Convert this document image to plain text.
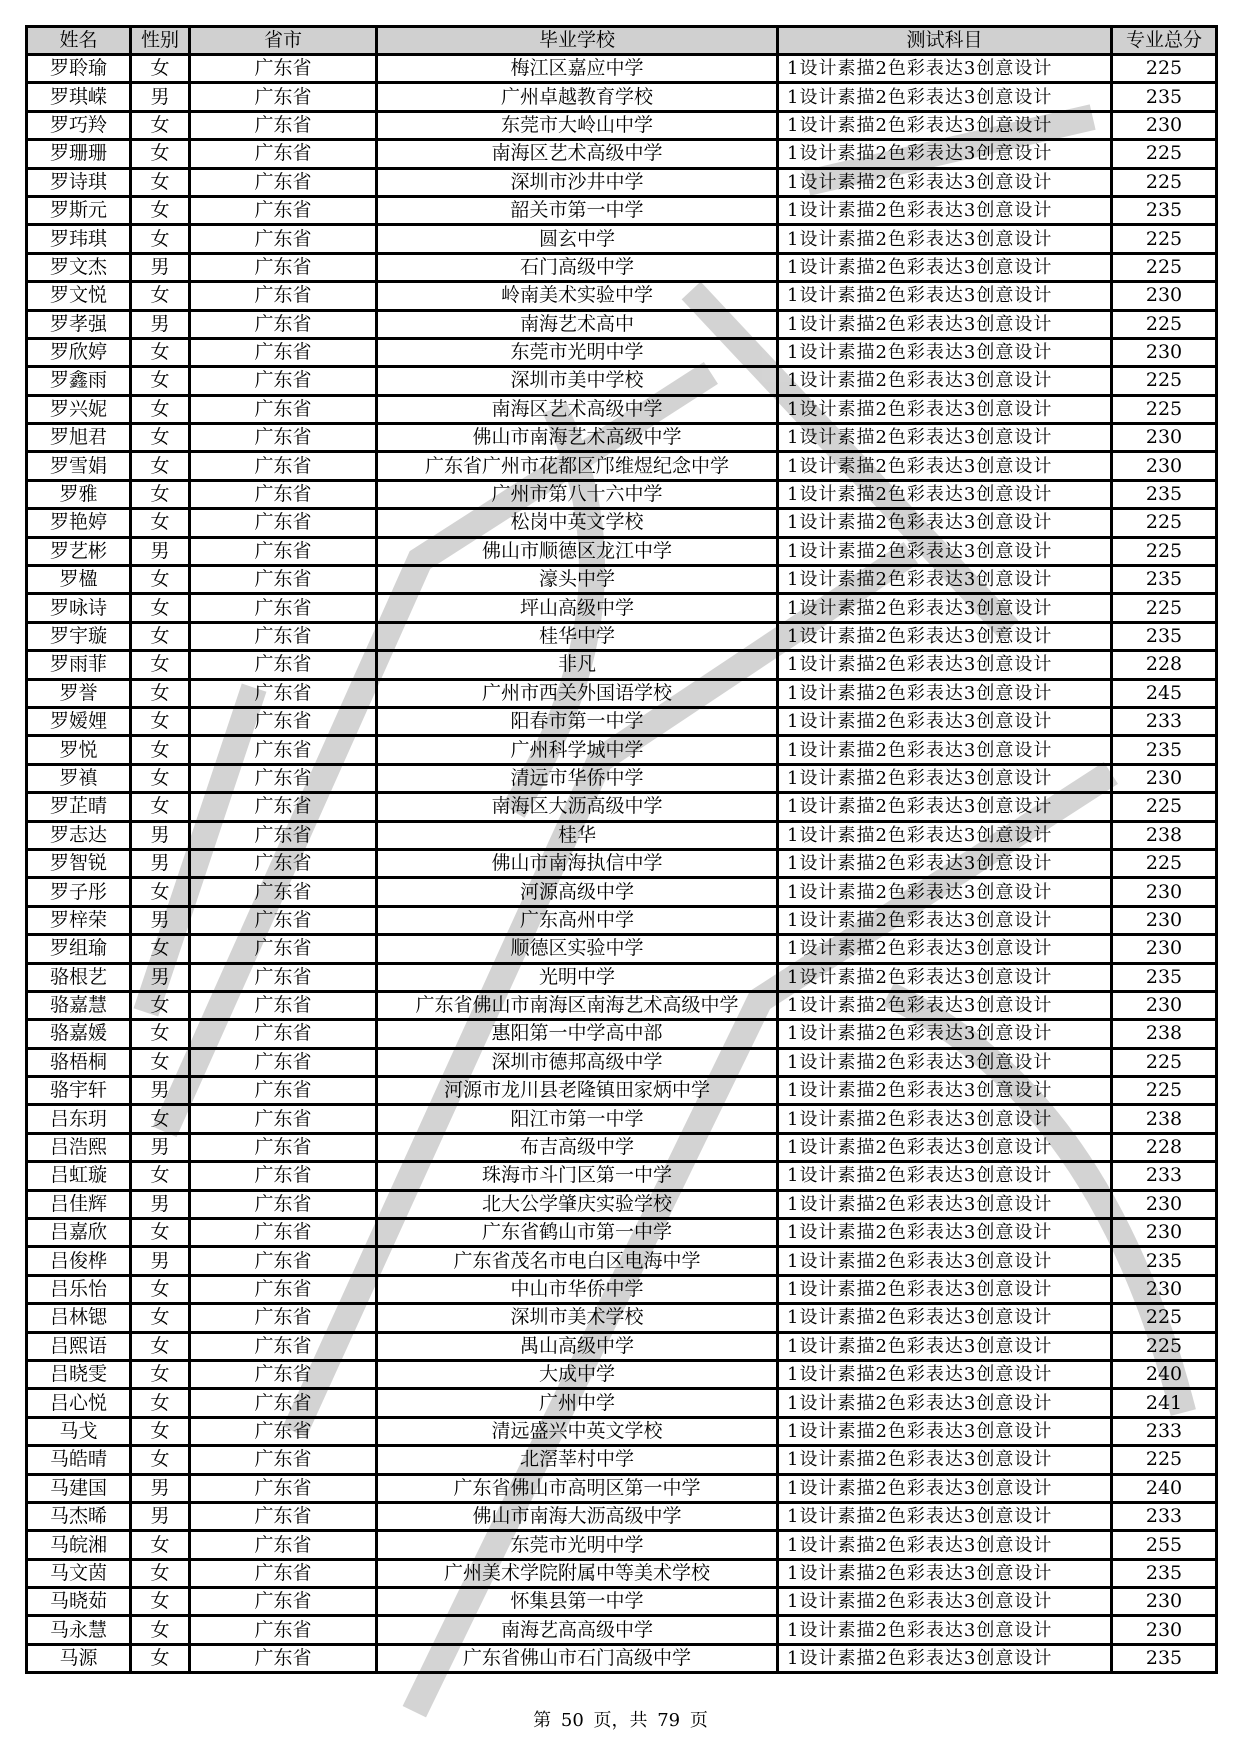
姓名	性别	省市	毕业学校	测试科目	专业总分
罗聆瑜	女	广东省	梅江区嘉应中学	1设计素描2色彩表达3创意设计	225
罗琪嵘	男	广东省	广州卓越教育学校	1设计素描2色彩表达3创意设计	235
罗巧羚	女	广东省	东莞市大岭山中学	1设计素描2色彩表达3创意设计	230
罗珊珊	女	广东省	南海区艺术高级中学	1设计素描2色彩表达3创意设计	225
罗诗琪	女	广东省	深圳市沙井中学	1设计素描2色彩表达3创意设计	225
罗斯元	女	广东省	韶关市第一中学	1设计素描2色彩表达3创意设计	235
罗玮琪	女	广东省	圆玄中学	1设计素描2色彩表达3创意设计	225
罗文杰	男	广东省	石门高级中学	1设计素描2色彩表达3创意设计	225
罗文悦	女	广东省	岭南美术实验中学	1设计素描2色彩表达3创意设计	230
罗孝强	男	广东省	南海艺术高中	1设计素描2色彩表达3创意设计	225
罗欣婷	女	广东省	东莞市光明中学	1设计素描2色彩表达3创意设计	230
罗鑫雨	女	广东省	深圳市美中学校	1设计素描2色彩表达3创意设计	225
罗兴妮	女	广东省	南海区艺术高级中学	1设计素描2色彩表达3创意设计	225
罗旭君	女	广东省	佛山市南海艺术高级中学	1设计素描2色彩表达3创意设计	230
罗雪娟	女	广东省	广东省广州市花都区邝维煜纪念中学	1设计素描2色彩表达3创意设计	230
罗雅	女	广东省	广州市第八十六中学	1设计素描2色彩表达3创意设计	235
罗艳婷	女	广东省	松岗中英文学校	1设计素描2色彩表达3创意设计	225
罗艺彬	男	广东省	佛山市顺德区龙江中学	1设计素描2色彩表达3创意设计	225
罗楹	女	广东省	濠头中学	1设计素描2色彩表达3创意设计	235
罗咏诗	女	广东省	坪山高级中学	1设计素描2色彩表达3创意设计	225
罗宇璇	女	广东省	桂华中学	1设计素描2色彩表达3创意设计	235
罗雨菲	女	广东省	非凡	1设计素描2色彩表达3创意设计	228
罗誉	女	广东省	广州市西关外国语学校	1设计素描2色彩表达3创意设计	245
罗嫒娌	女	广东省	阳春市第一中学	1设计素描2色彩表达3创意设计	233
罗悦	女	广东省	广州科学城中学	1设计素描2色彩表达3创意设计	235
罗禛	女	广东省	清远市华侨中学	1设计素描2色彩表达3创意设计	230
罗芷晴	女	广东省	南海区大沥高级中学	1设计素描2色彩表达3创意设计	225
罗志达	男	广东省	桂华	1设计素描2色彩表达3创意设计	238
罗智锐	男	广东省	佛山市南海执信中学	1设计素描2色彩表达3创意设计	225
罗子彤	女	广东省	河源高级中学	1设计素描2色彩表达3创意设计	230
罗梓荣	男	广东省	广东高州中学	1设计素描2色彩表达3创意设计	230
罗组瑜	女	广东省	顺德区实验中学	1设计素描2色彩表达3创意设计	230
骆根艺	男	广东省	光明中学	1设计素描2色彩表达3创意设计	235
骆嘉慧	女	广东省	广东省佛山市南海区南海艺术高级中学	1设计素描2色彩表达3创意设计	230
骆嘉媛	女	广东省	惠阳第一中学高中部	1设计素描2色彩表达3创意设计	238
骆梧桐	女	广东省	深圳市德邦高级中学	1设计素描2色彩表达3创意设计	225
骆宇轩	男	广东省	河源市龙川县老隆镇田家炳中学	1设计素描2色彩表达3创意设计	225
吕东玥	女	广东省	阳江市第一中学	1设计素描2色彩表达3创意设计	238
吕浩熙	男	广东省	布吉高级中学	1设计素描2色彩表达3创意设计	228
吕虹璇	女	广东省	珠海市斗门区第一中学	1设计素描2色彩表达3创意设计	233
吕佳辉	男	广东省	北大公学肇庆实验学校	1设计素描2色彩表达3创意设计	230
吕嘉欣	女	广东省	广东省鹤山市第一中学	1设计素描2色彩表达3创意设计	230
吕俊桦	男	广东省	广东省茂名市电白区电海中学	1设计素描2色彩表达3创意设计	235
吕乐怡	女	广东省	中山市华侨中学	1设计素描2色彩表达3创意设计	230
吕林锶	女	广东省	深圳市美术学校	1设计素描2色彩表达3创意设计	225
吕熙语	女	广东省	禺山高级中学	1设计素描2色彩表达3创意设计	225
吕晓雯	女	广东省	大成中学	1设计素描2色彩表达3创意设计	240
吕心悦	女	广东省	广州中学	1设计素描2色彩表达3创意设计	241
马戈	女	广东省	清远盛兴中英文学校	1设计素描2色彩表达3创意设计	233
马皓晴	女	广东省	北滘莘村中学	1设计素描2色彩表达3创意设计	225
马建国	男	广东省	广东省佛山市高明区第一中学	1设计素描2色彩表达3创意设计	240
马杰晞	男	广东省	佛山市南海大沥高级中学	1设计素描2色彩表达3创意设计	233
马皖湘	女	广东省	东莞市光明中学	1设计素描2色彩表达3创意设计	255
马文茵	女	广东省	广州美术学院附属中等美术学校	1设计素描2色彩表达3创意设计	235
马晓茹	女	广东省	怀集县第一中学	1设计素描2色彩表达3创意设计	230
马永慧	女	广东省	南海艺高高级中学	1设计素描2色彩表达3创意设计	230
马源	女	广东省	广东省佛山市石门高级中学	1设计素描2色彩表达3创意设计	235
第 50 页，共 79 页
